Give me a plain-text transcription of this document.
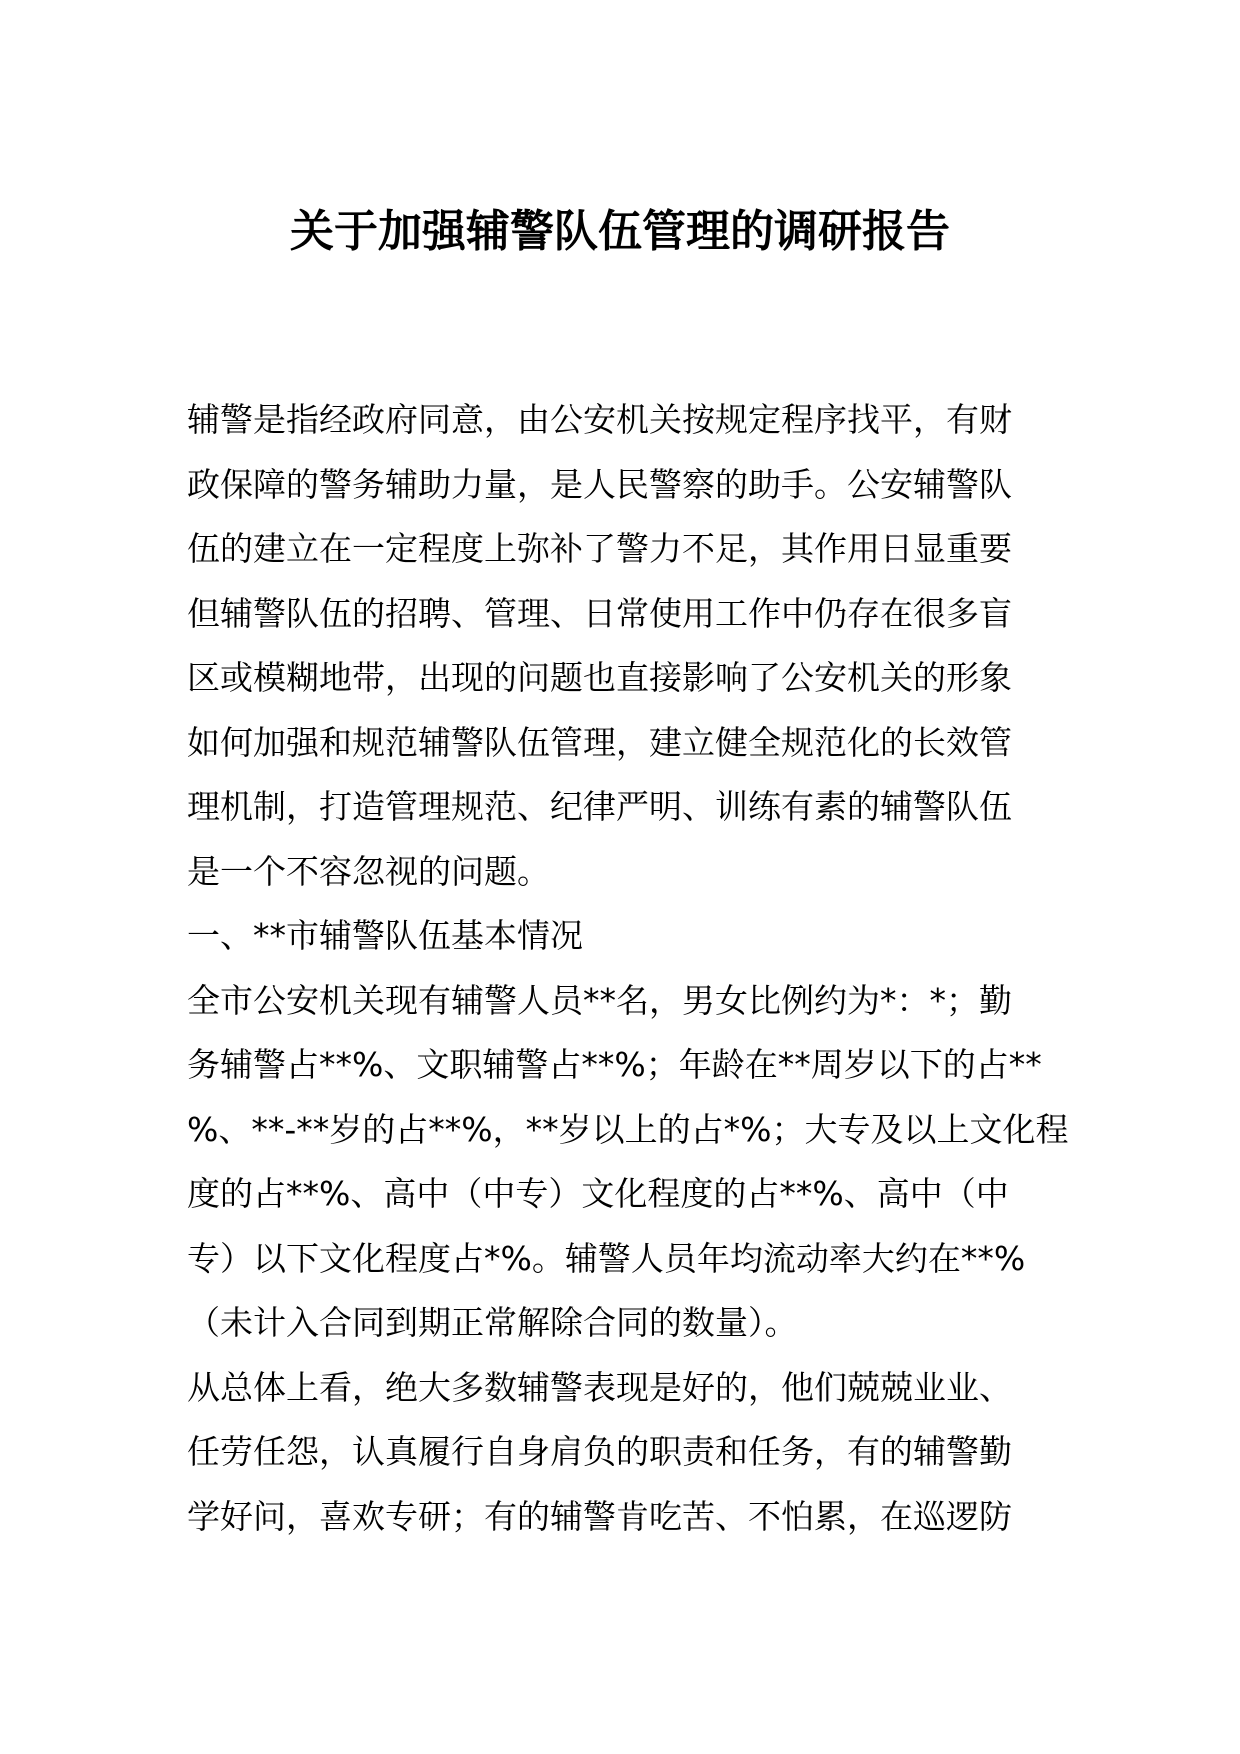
关于加强辅警队伍管理的调研报告
辅警是指经政府同意，由公安机关按规定程序找平，有财
政保障的警务辅助力量，是人民警察的助手。公安辅警队
伍的建立在一定程度上弥补了警力不足，其作用日显重要
但辅警队伍的招聘、管理、日常使用工作中仍存在很多盲
区或模糊地带，出现的问题也直接影响了公安机关的形象
如何加强和规范辅警队伍管理，建立健全规范化的长效管
理机制，打造管理规范、纪律严明、训练有素的辅警队伍
是一个不容忽视的问题。
一、**市辅警队伍基本情况
全市公安机关现有辅警人员**名，男女比例约为*：*；勤
务辅警占**%、文职辅警占**%；年龄在**周岁以下的占**
%、**-**岁的占**%，**岁以上的占*%；大专及以上文化程
度的占**%、高中（中专）文化程度的占**%、高中（中
专）以下文化程度占*%。辅警人员年均流动率大约在**%
（未计入合同到期正常解除合同的数量）。
从总体上看，绝大多数辅警表现是好的，他们兢兢业业、
任劳任怨，认真履行自身肩负的职责和任务，有的辅警勤
学好问，喜欢专研；有的辅警肯吃苦、不怕累，在巡逻防
